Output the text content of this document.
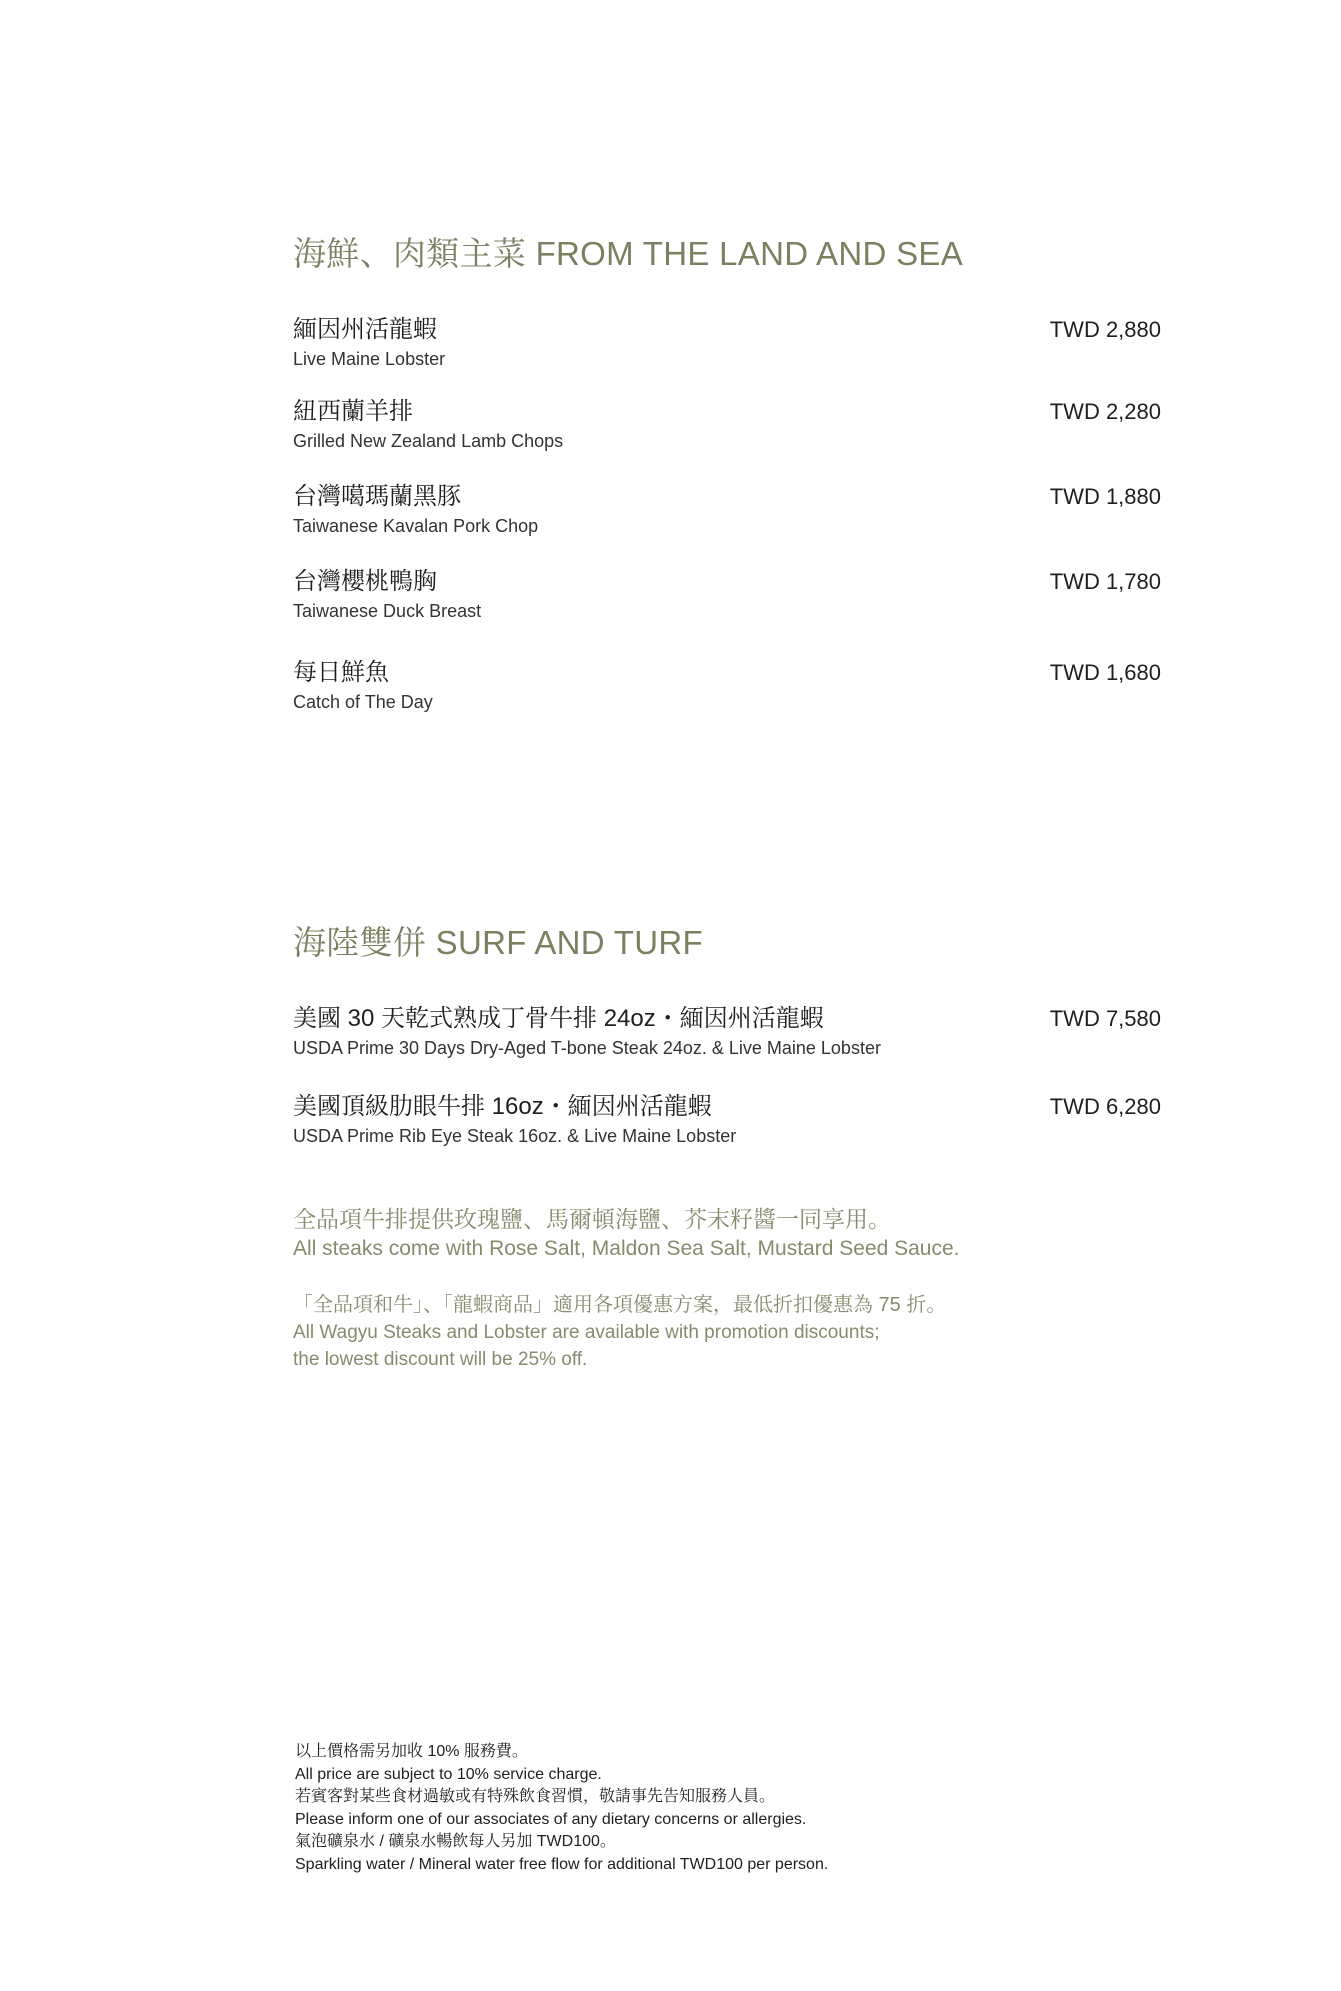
海鮮、肉類主菜 FROM THE LAND AND SEA
緬因州活龍蝦
Live Maine Lobster
TWD 2,880
紐西蘭羊排
Grilled New Zealand Lamb Chops
TWD 2,280
台灣噶瑪蘭黑豚
Taiwanese Kavalan Pork Chop
TWD 1,880
台灣櫻桃鴨胸
Taiwanese Duck Breast
TWD 1,780
每日鮮魚
Catch of The Day
TWD 1,680
海陸雙併 SURF AND TURF
美國 30 天乾式熟成丁骨牛排 24oz・緬因州活龍蝦
USDA Prime 30 Days Dry-Aged T-bone Steak 24oz. & Live Maine Lobster
TWD 7,580
美國頂級肋眼牛排 16oz・緬因州活龍蝦
USDA Prime Rib Eye Steak 16oz. & Live Maine Lobster
TWD 6,280
全品項牛排提供玫瑰鹽、馬爾頓海鹽、芥末籽醬一同享用。
All steaks come with Rose Salt, Maldon Sea Salt, Mustard Seed Sauce.
「全品項和牛」、「龍蝦商品」適用各項優惠方案，最低折扣優惠為 75 折。
All Wagyu Steaks and Lobster are available with promotion discounts;
the lowest discount will be 25% off.
以上價格需另加收 10% 服務費。
All price are subject to 10% service charge.
若賓客對某些食材過敏或有特殊飲食習慣，敬請事先告知服務人員。
Please inform one of our associates of any dietary concerns or allergies.
氣泡礦泉水 / 礦泉水暢飲每人另加 TWD100。
Sparkling water / Mineral water free flow for additional TWD100 per person.
